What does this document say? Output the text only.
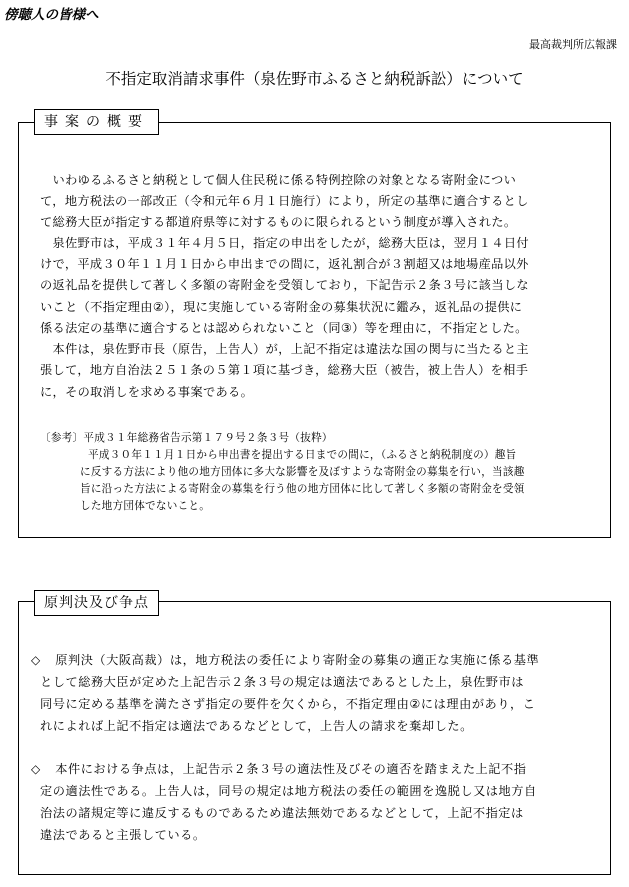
傍聴人の皆様へ
最高裁判所広報課
不指定取消請求事件（泉佐野市ふるさと納税訴訟）について
事案の概要
　いわゆるふるさと納税として個人住民税に係る特例控除の対象となる寄附金につい
て，地方税法の一部改正（令和元年６月１日施行）により，所定の基準に適合するとし
て総務大臣が指定する都道府県等に対するものに限られるという制度が導入された。
　泉佐野市は，平成３１年４月５日，指定の申出をしたが，総務大臣は，翌月１４日付
けで，平成３０年１１月１日から申出までの間に，返礼割合が３割超又は地場産品以外
の返礼品を提供して著しく多額の寄附金を受領しており，下記告示２条３号に該当しな
いこと（不指定理由②），現に実施している寄附金の募集状況に鑑み，返礼品の提供に
係る法定の基準に適合するとは認められないこと（同③）等を理由に，不指定とした。
　本件は，泉佐野市長（原告，上告人）が，上記不指定は違法な国の関与に当たると主
張して，地方自治法２５１条の５第１項に基づき，総務大臣（被告，被上告人）を相手
に，その取消しを求める事案である。
〔参考〕平成３１年総務省告示第１７９号２条３号（抜粋）
平成３０年１１月１日から申出書を提出する日までの間に，（ふるさと納税制度の）趣旨
に反する方法により他の地方団体に多大な影響を及ぼすような寄附金の募集を行い，当該趣
旨に沿った方法による寄附金の募集を行う他の地方団体に比して著しく多額の寄附金を受領
した地方団体でないこと。
原判決及び争点
◇ 原判決（大阪高裁）は，地方税法の委任により寄附金の募集の適正な実施に係る基準
として総務大臣が定めた上記告示２条３号の規定は適法であるとした上，泉佐野市は
同号に定める基準を満たさず指定の要件を欠くから，不指定理由②には理由があり，こ
れによれば上記不指定は適法であるなどとして，上告人の請求を棄却した。
◇ 本件における争点は，上記告示２条３号の適法性及びその適否を踏まえた上記不指
定の適法性である。上告人は，同号の規定は地方税法の委任の範囲を逸脱し又は地方自
治法の諸規定等に違反するものであるため違法無効であるなどとして，上記不指定は
違法であると主張している。
